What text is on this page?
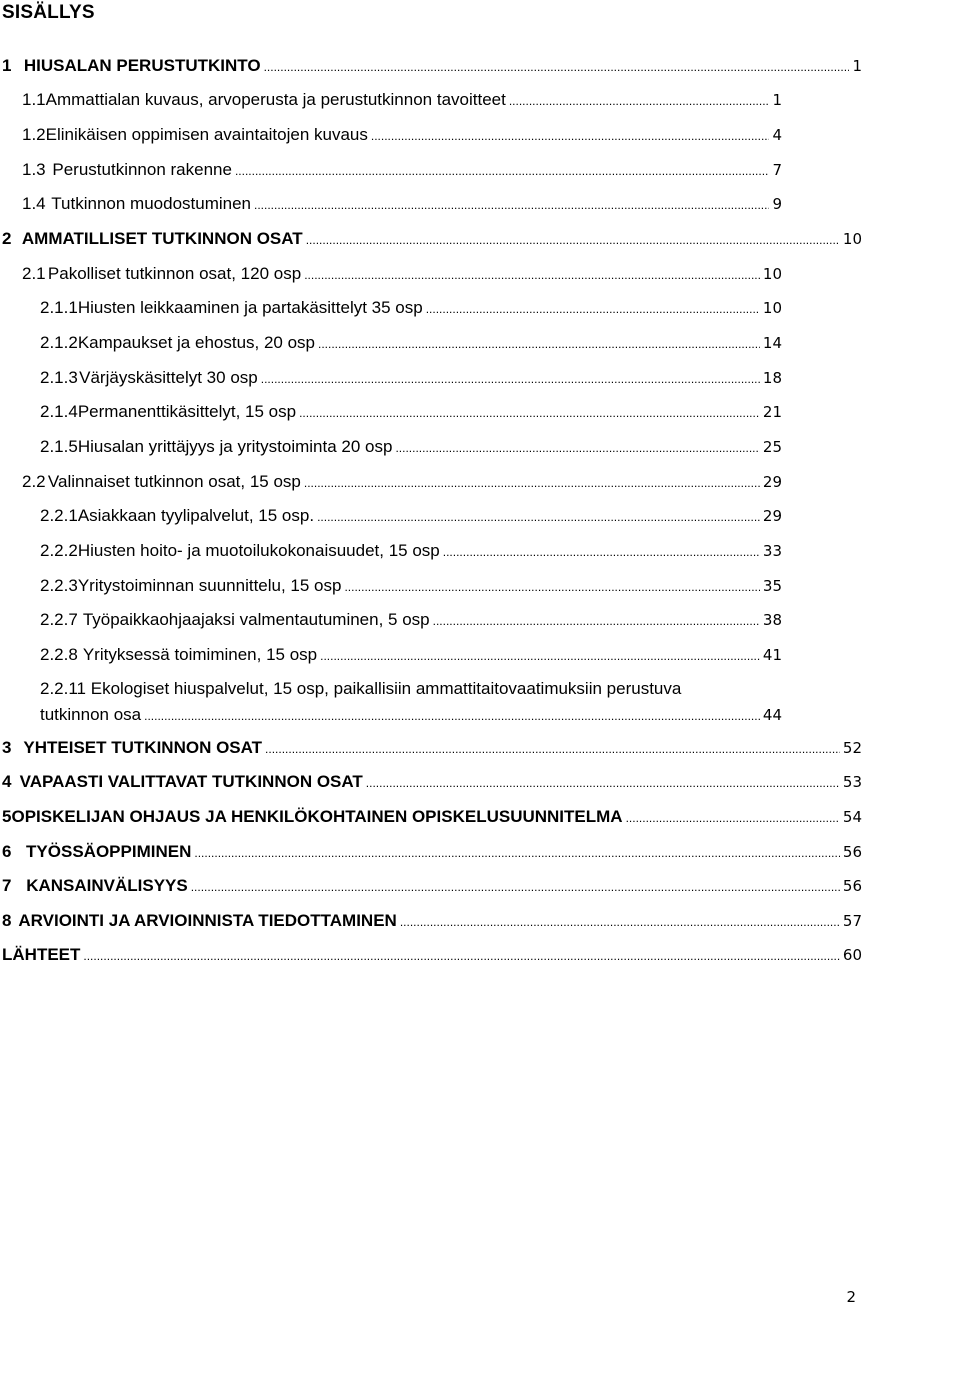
SISÄLLYS
1 HIUSALAN PERUSTUTKINTO .....	1
1.1 Ammattialan kuvaus, arvoperusta ja perustutkinnon tavoitteet .....	1
1.2 Elinikäisen oppimisen avaintaitojen kuvaus .....	4
1.3 Perustutkinnon rakenne .....	7
1.4 Tutkinnon muodostuminen .....	9
2 AMMATILLISET TUTKINNON OSAT .....	10
2.1 Pakolliset tutkinnon osat, 120 osp .....	10
2.1.1 Hiusten leikkaaminen ja partakäsittelyt 35 osp .....	10
2.1.2 Kampaukset ja ehostus, 20 osp .....	14
2.1.3 Värjäyskäsittelyt 30 osp .....	18
2.1.4 Permanenttikäsittelyt, 15 osp .....	21
2.1.5 Hiusalan yrittäjyys ja yritystoiminta 20 osp .....	25
2.2 Valinnaiset tutkinnon osat, 15 osp .....	29
2.2.1 Asiakkaan tyylipalvelut, 15 osp. .....	29
2.2.2 Hiusten hoito- ja muotoilukokonaisuudet, 15 osp .....	33
2.2.3 Yritystoiminnan suunnittelu, 15 osp .....	35
2.2.7 Työpaikkaohjaajaksi valmentautuminen, 5 osp .....	38
2.2.8 Yrityksessä toimiminen, 15 osp .....	41
2.2.11 Ekologiset hiuspalvelut, 15 osp, paikallisiin ammattitaitovaatimuksiin perustuva
tutkinnon osa .....	44
3 YHTEISET TUTKINNON OSAT .....	52
4 VAPAASTI VALITTAVAT TUTKINNON OSAT .....	53
5 OPISKELIJAN OHJAUS JA HENKILÖKOHTAINEN OPISKELUSUUNNITELMA .....	54
6 TYÖSSÄOPPIMINEN .....	56
7 KANSAINVÄLISYYS .....	56
8 ARVIOINTI JA ARVIOINNISTA TIEDOTTAMINEN .....	57
LÄHTEET .....	60
2
